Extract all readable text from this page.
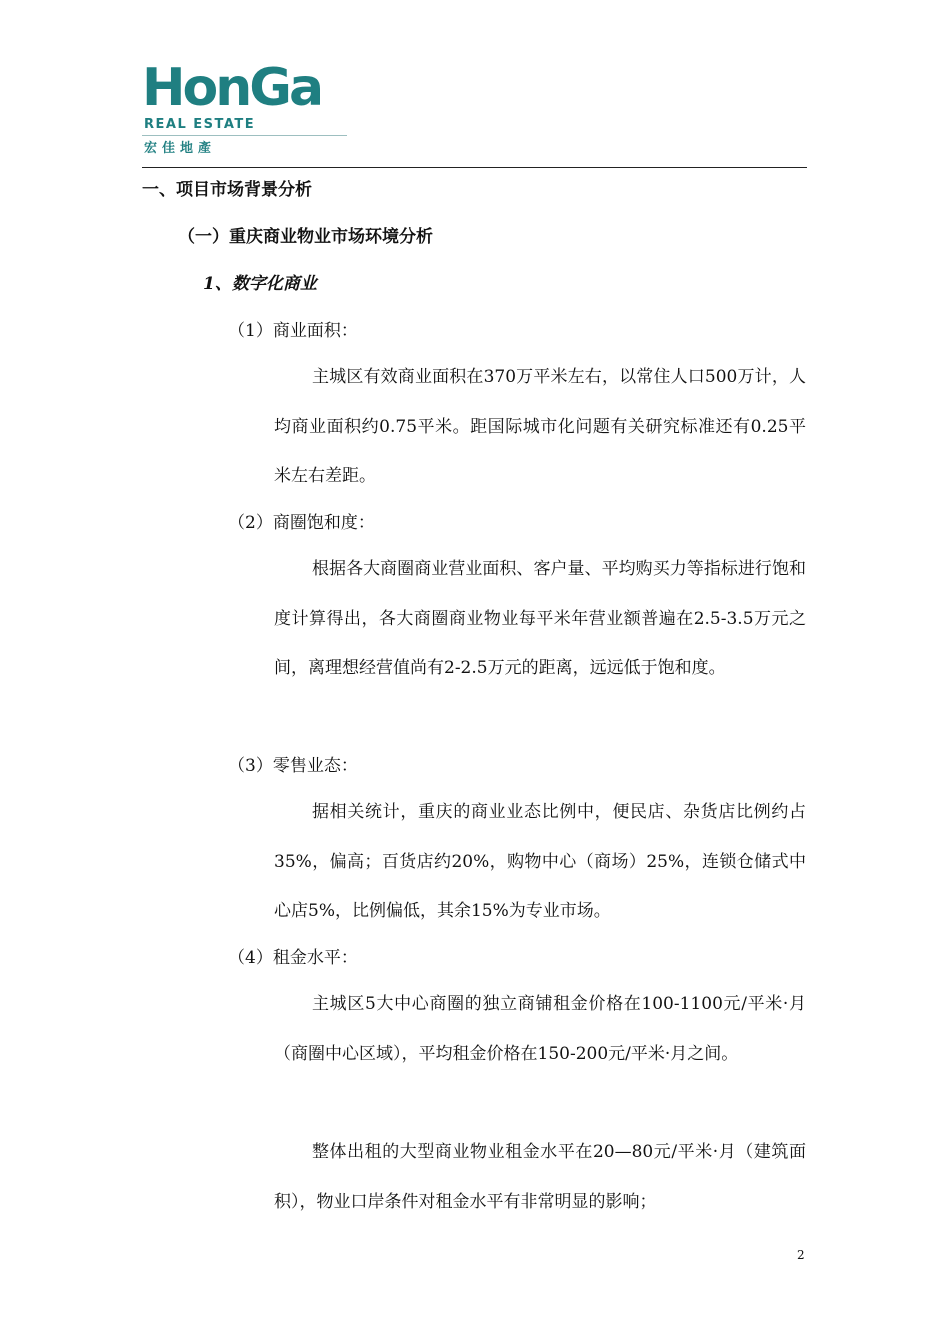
HonGa
REAL ESTATE
宏佳地產
一、项目市场背景分析
（一）重庆商业物业市场环境分析
1、数字化商业
（1）商业面积：

主城区有效商业面积在370万平米左右，以常住人口500万计，人均商业面积约0.75平米。距国际城市化问题有关研究标准还有0.25平米左右差距。

（2）商圈饱和度：

根据各大商圈商业营业面积、客户量、平均购买力等指标进行饱和度计算得出，各大商圈商业物业每平米年营业额普遍在2.5-3.5万元之间，离理想经营值尚有2-2.5万元的距离，远远低于饱和度。

（3）零售业态：

据相关统计，重庆的商业业态比例中，便民店、杂货店比例约占35%，偏高；百货店约20%，购物中心（商场）25%，连锁仓储式中心店5%，比例偏低，其余15%为专业市场。

（4）租金水平：

主城区5大中心商圈的独立商铺租金价格在100-1100元/平米·月（商圈中心区域），平均租金价格在150-200元/平米·月之间。

整体出租的大型商业物业租金水平在20—80元/平米·月（建筑面积），物业口岸条件对租金水平有非常明显的影响；

2
